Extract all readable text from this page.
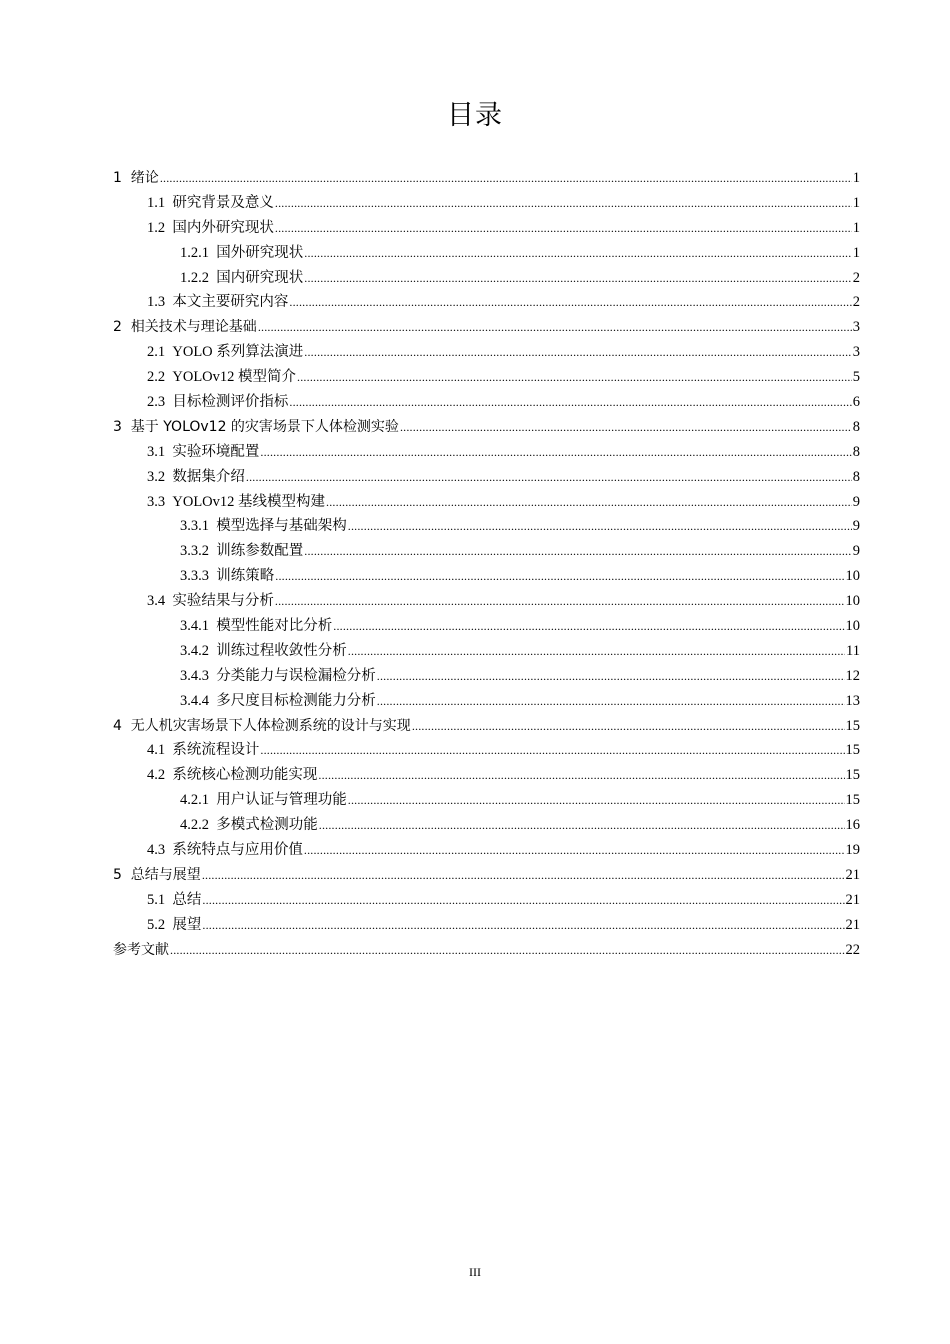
目录
1  绪论 .....	1
1.1  研究背景及意义 .....	1
1.2  国内外研究现状 .....	1
1.2.1  国外研究现状 .....	1
1.2.2  国内研究现状 .....	2
1.3  本文主要研究内容 .....	2
2  相关技术与理论基础 .....	3
2.1  YOLO 系列算法演进 .....	3
2.2  YOLOv12 模型简介 .....	5
2.3  目标检测评价指标 .....	6
3  基于 YOLOv12 的灾害场景下人体检测实验 .....	8
3.1  实验环境配置 .....	8
3.2  数据集介绍 .....	8
3.3  YOLOv12 基线模型构建 .....	9
3.3.1  模型选择与基础架构 .....	9
3.3.2  训练参数配置 .....	9
3.3.3  训练策略 .....	10
3.4  实验结果与分析 .....	10
3.4.1  模型性能对比分析 .....	10
3.4.2  训练过程收敛性分析 .....	11
3.4.3  分类能力与误检漏检分析 .....	12
3.4.4  多尺度目标检测能力分析 .....	13
4  无人机灾害场景下人体检测系统的设计与实现 .....	15
4.1  系统流程设计 .....	15
4.2  系统核心检测功能实现 .....	15
4.2.1  用户认证与管理功能 .....	15
4.2.2  多模式检测功能 .....	16
4.3  系统特点与应用价值 .....	19
5  总结与展望 .....	21
5.1  总结 .....	21
5.2  展望 .....	21
参考文献 .....	22
III
